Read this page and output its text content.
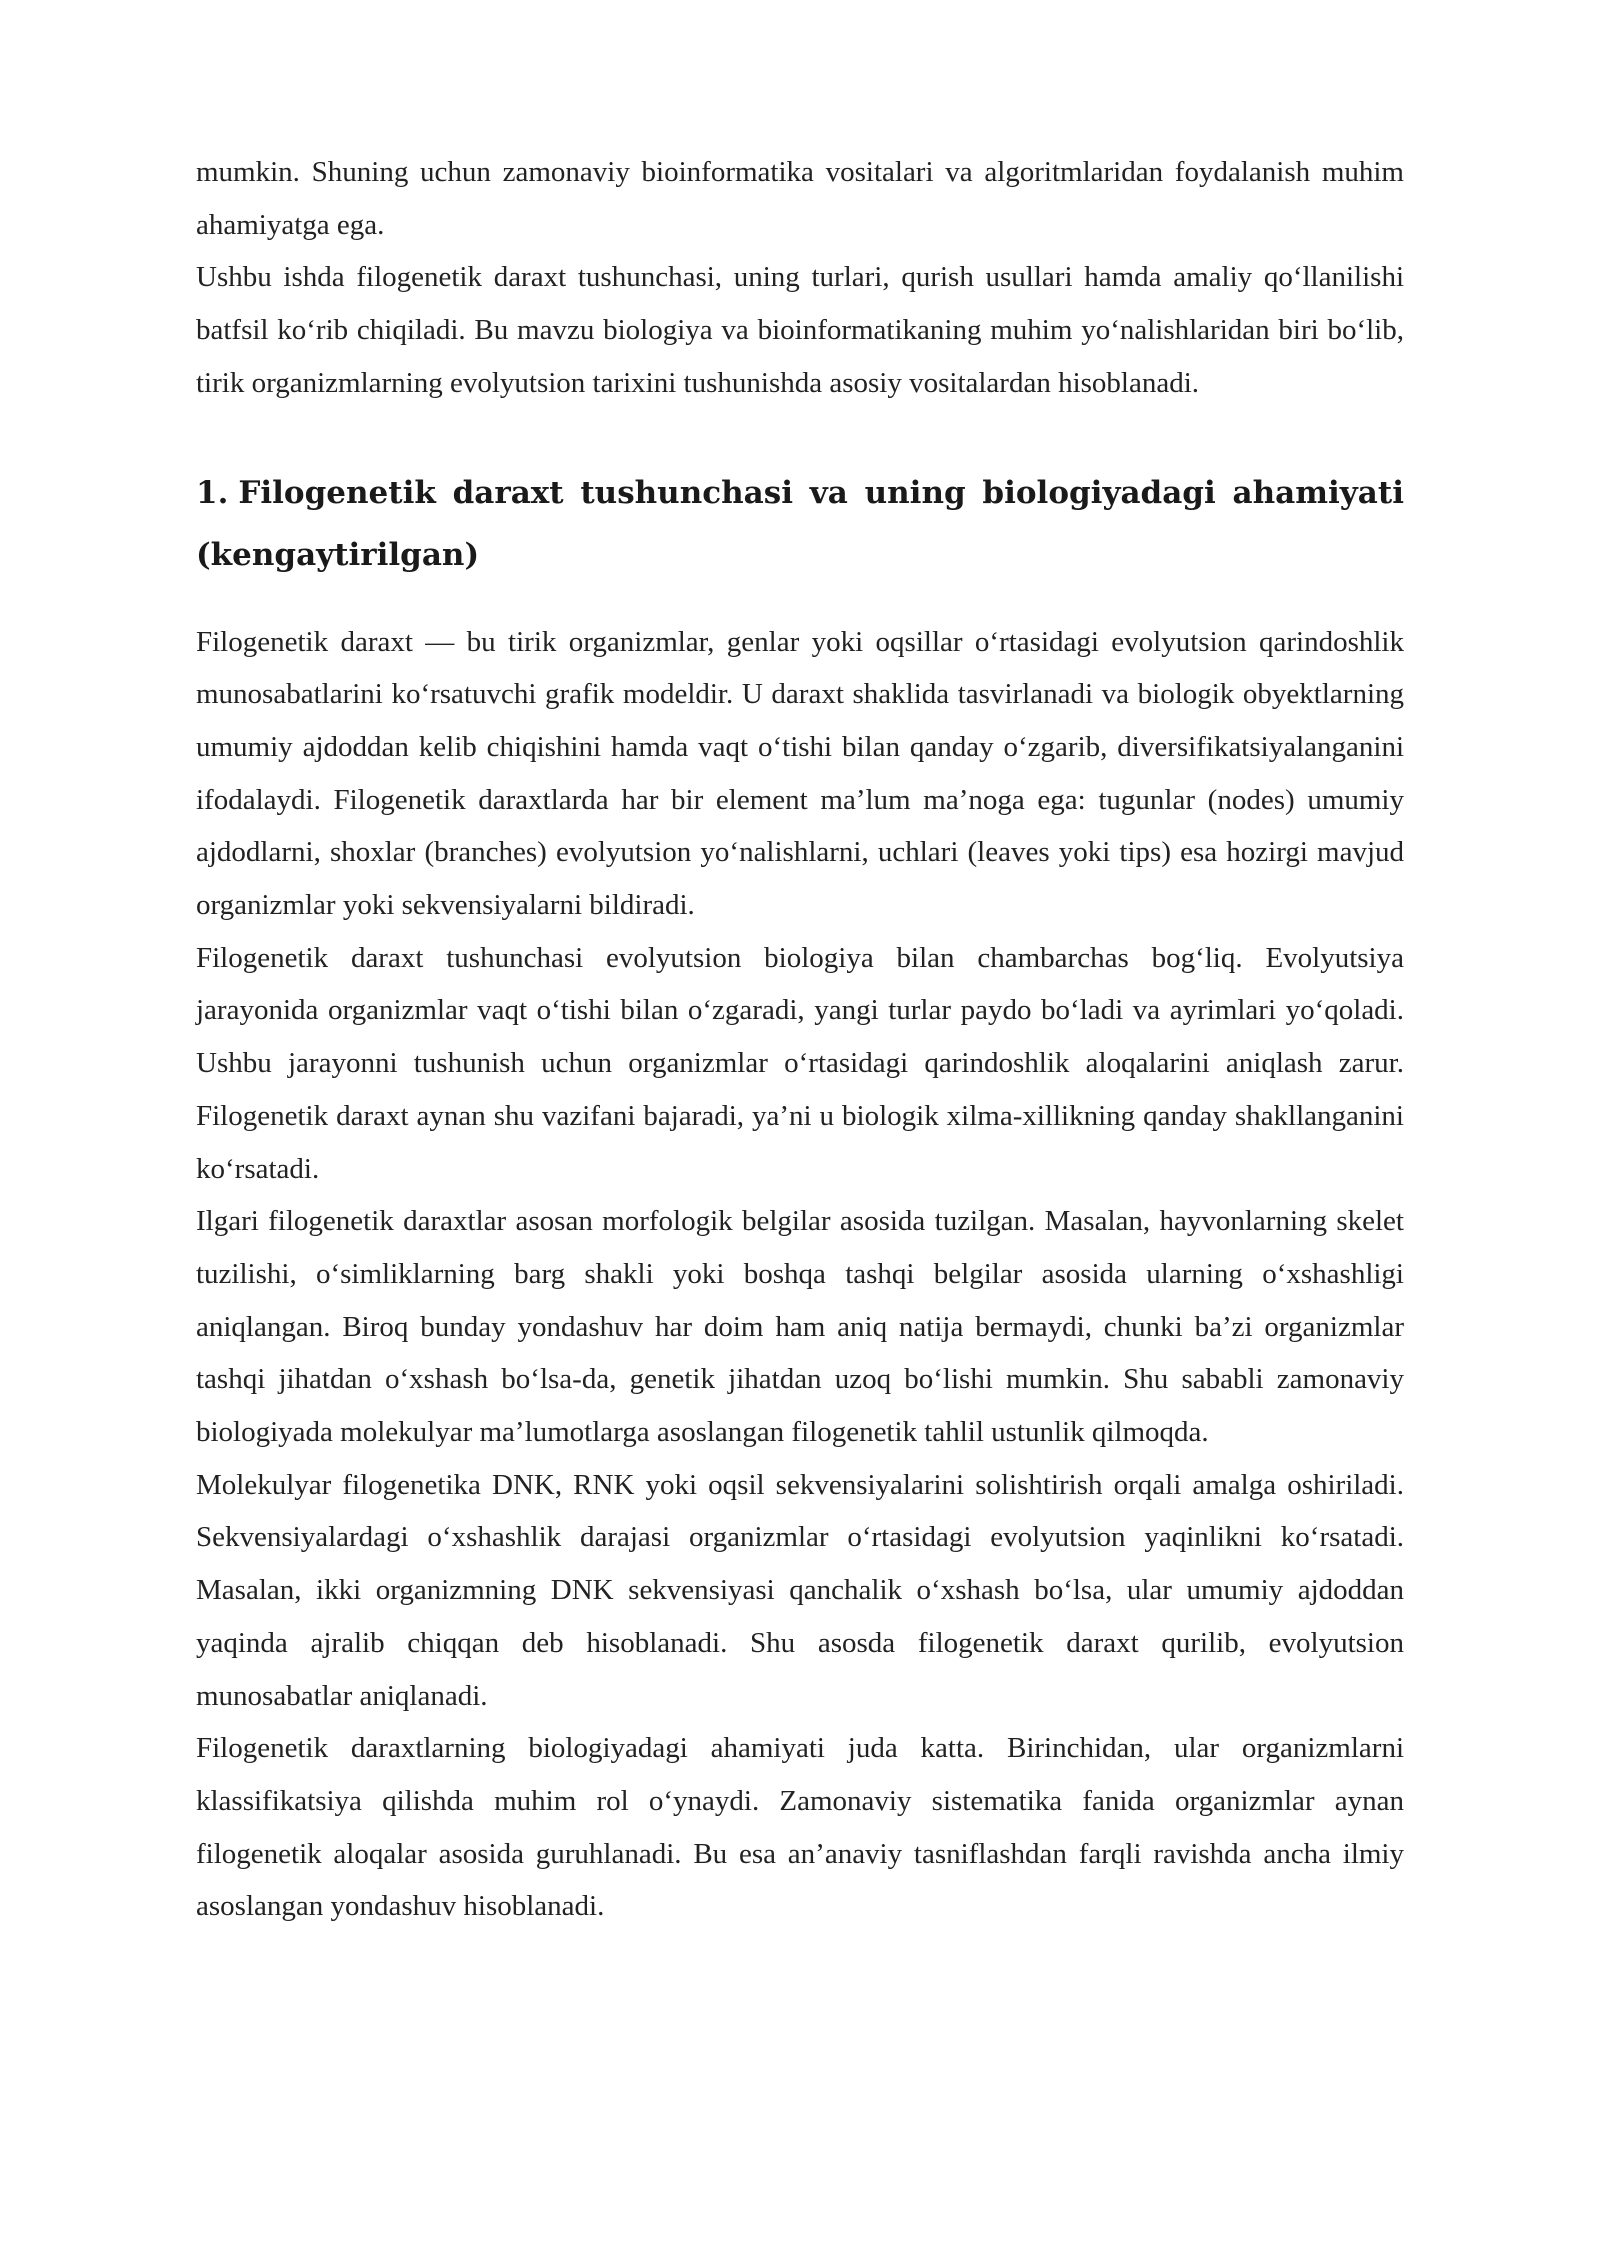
mumkin. Shuning uchun zamonaviy bioinformatika vositalari va algoritmlaridan foydalanish muhim ahamiyatga ega.

Ushbu ishda filogenetik daraxt tushunchasi, uning turlari, qurish usullari hamda amaliy qo‘llanilishi batfsil ko‘rib chiqiladi. Bu mavzu biologiya va bioinformatikaning muhim yo‘nalishlaridan biri bo‘lib, tirik organizmlarning evolyutsion tarixini tushunishda asosiy vositalardan hisoblanadi.

1. Filogenetik daraxt tushunchasi va uning biologiyadagi ahamiyati (kengaytirilgan)

Filogenetik daraxt — bu tirik organizmlar, genlar yoki oqsillar o‘rtasidagi evolyutsion qarindoshlik munosabatlarini ko‘rsatuvchi grafik modeldir. U daraxt shaklida tasvirlanadi va biologik obyektlarning umumiy ajdoddan kelib chiqishini hamda vaqt o‘tishi bilan qanday o‘zgarib, diversifikatsiyalanganini ifodalaydi. Filogenetik daraxtlarda har bir element ma’lum ma’noga ega: tugunlar (nodes) umumiy ajdodlarni, shoxlar (branches) evolyutsion yo‘nalishlarni, uchlari (leaves yoki tips) esa hozirgi mavjud organizmlar yoki sekvensiyalarni bildiradi.

Filogenetik daraxt tushunchasi evolyutsion biologiya bilan chambarchas bog‘liq. Evolyutsiya jarayonida organizmlar vaqt o‘tishi bilan o‘zgaradi, yangi turlar paydo bo‘ladi va ayrimlari yo‘qoladi. Ushbu jarayonni tushunish uchun organizmlar o‘rtasidagi qarindoshlik aloqalarini aniqlash zarur. Filogenetik daraxt aynan shu vazifani bajaradi, ya’ni u biologik xilma-xillikning qanday shakllanganini ko‘rsatadi.

Ilgari filogenetik daraxtlar asosan morfologik belgilar asosida tuzilgan. Masalan, hayvonlarning skelet tuzilishi, o‘simliklarning barg shakli yoki boshqa tashqi belgilar asosida ularning o‘xshashligi aniqlangan. Biroq bunday yondashuv har doim ham aniq natija bermaydi, chunki ba’zi organizmlar tashqi jihatdan o‘xshash bo‘lsa-da, genetik jihatdan uzoq bo‘lishi mumkin. Shu sababli zamonaviy biologiyada molekulyar ma’lumotlarga asoslangan filogenetik tahlil ustunlik qilmoqda.

Molekulyar filogenetika DNK, RNK yoki oqsil sekvensiyalarini solishtirish orqali amalga oshiriladi. Sekvensiyalardagi o‘xshashlik darajasi organizmlar o‘rtasidagi evolyutsion yaqinlikni ko‘rsatadi. Masalan, ikki organizmning DNK sekvensiyasi qanchalik o‘xshash bo‘lsa, ular umumiy ajdoddan yaqinda ajralib chiqqan deb hisoblanadi. Shu asosda filogenetik daraxt qurilib, evolyutsion munosabatlar aniqlanadi.

Filogenetik daraxtlarning biologiyadagi ahamiyati juda katta. Birinchidan, ular organizmlarni klassifikatsiya qilishda muhim rol o‘ynaydi. Zamonaviy sistematika fanida organizmlar aynan filogenetik aloqalar asosida guruhlanadi. Bu esa an’anaviy tasniflashdan farqli ravishda ancha ilmiy asoslangan yondashuv hisoblanadi.
